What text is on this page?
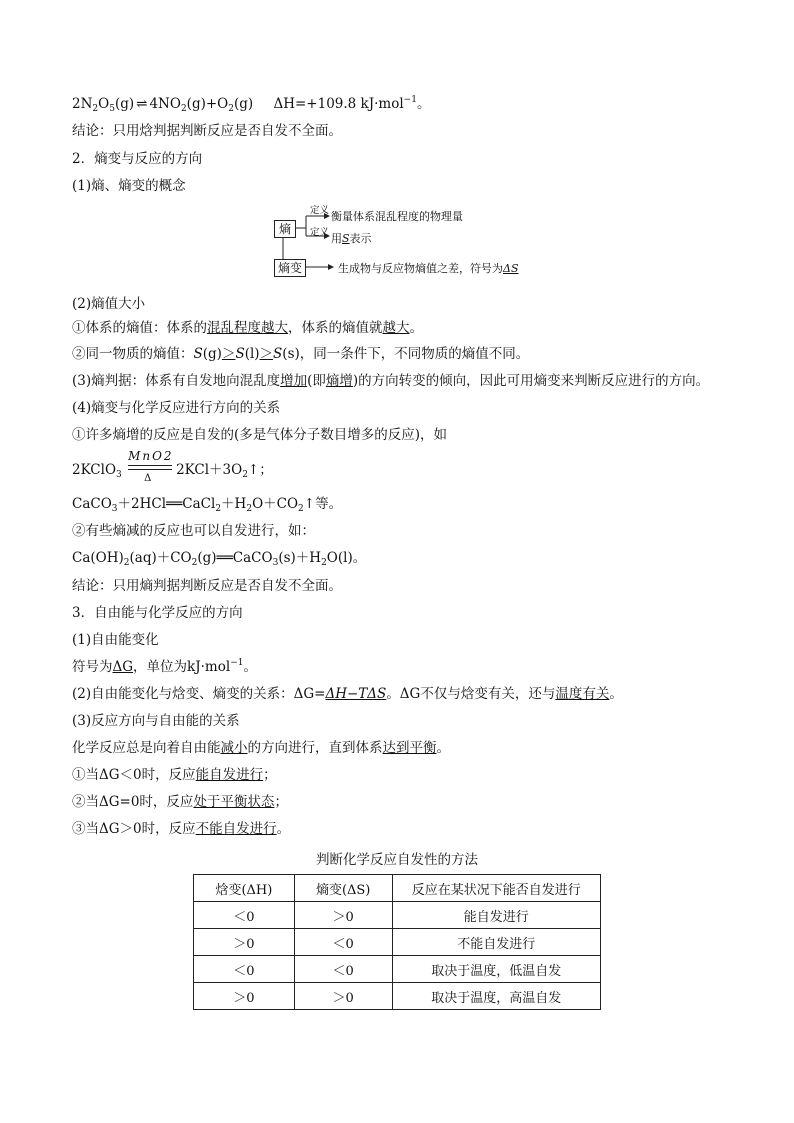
$2N_2O_5(g)$ ⇌ $4NO_2(g)+O_2(g)$ ΔH=+109.8 kJ·mol$^{-1}$。
结论：只用焓判据判断反应是否自发不全面。
2．熵变与反应的方向
(1)熵、熵变的概念
熵
熵变
定义
定义
衡量体系混乱程度的物理量
用S表示
生成物与反应物熵值之差，符号为ΔS
(2)熵值大小
①体系的熵值：体系的混乱程度越大，体系的熵值就越大。
②同一物质的熵值：S(g)＞S(l)＞S(s)，同一条件下，不同物质的熵值不同。
(3)熵判据：体系有自发地向混乱度增加(即熵增)的方向转变的倾向，因此可用熵变来判断反应进行的方向。
(4)熵变与化学反应进行方向的关系
①许多熵增的反应是自发的(多是气体分子数目增多的反应)，如
2KClO$_3$
MnO2
Δ
$2KCl+3O_2↑$；
$CaCO_3+2HCl══CaCl_2+H_2O+CO_2↑$等。
②有些熵减的反应也可以自发进行，如：
$Ca(OH)_2(aq)+CO_2(g)══CaCO_3(s)+H_2O(l)$。
结论：只用熵判据判断反应是否自发不全面。
3．自由能与化学反应的方向
(1)自由能变化
符号为ΔG，单位为kJ·mol$^{-1}$。
(2)自由能变化与焓变、熵变的关系：ΔG=ΔH−TΔS。ΔG不仅与焓变有关，还与温度有关。
(3)反应方向与自由能的关系
化学反应总是向着自由能减小的方向进行，直到体系达到平衡。
①当ΔG＜0时，反应能自发进行；
②当ΔG=0时，反应处于平衡状态；
③当ΔG＞0时，反应不能自发进行。
判断化学反应自发性的方法
焓变(ΔH)	熵变(ΔS)	反应在某状况下能否自发进行
＜0	＞0	能自发进行
＞0	＜0	不能自发进行
＜0	＜0	取决于温度，低温自发
＞0	＞0	取决于温度，高温自发
